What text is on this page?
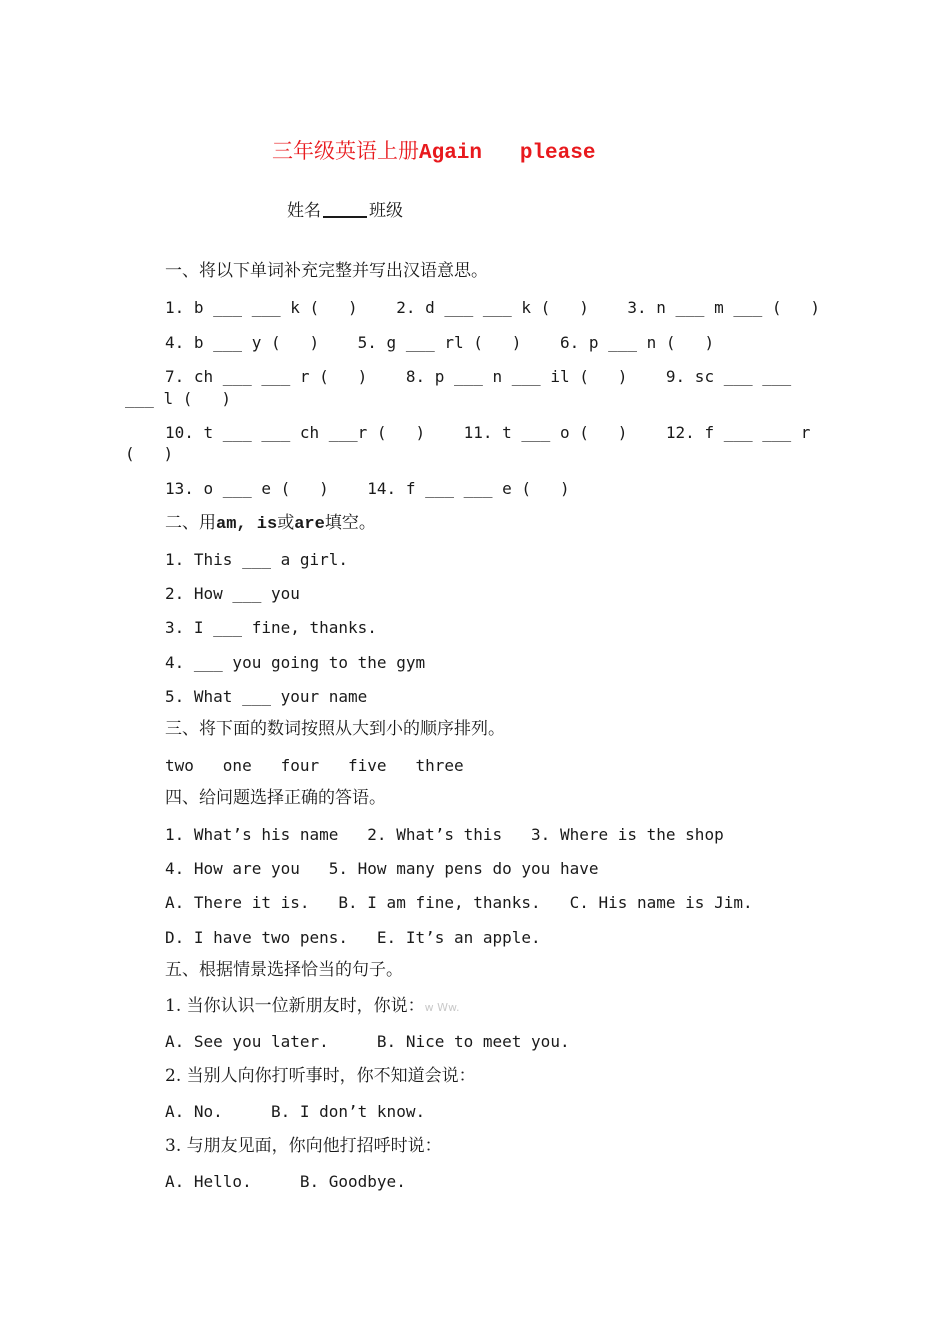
三年级英语上册Again   please
姓名	班级
一、将以下单词补充完整并写出汉语意思。
1. b ___ ___ k (   )    2. d ___ ___ k (   )    3. n ___ m ___ (   )
4. b ___ y (   )    5. g ___ rl (   )    6. p ___ n (   )
7. ch ___ ___ r (   )    8. p ___ n ___ il (   )    9. sc ___ ___
___ l (   )
10. t ___ ___ ch ___r (   )    11. t ___ o (   )    12. f ___ ___ r
(   )
13. o ___ e (   )    14. f ___ ___ e (   )
二、用am, is或are填空。
1. This ___ a girl.
2. How ___ you
3. I ___ fine, thanks.
4. ___ you going to the gym
5. What ___ your name
三、将下面的数词按照从大到小的顺序排列。
two   one   four   five   three
四、给问题选择正确的答语。
1. What’s his name   2. What’s this   3. Where is the shop
4. How are you   5. How many pens do you have
A. There it is.   B. I am fine, thanks.   C. His name is Jim.
D. I have two pens.   E. It’s an apple.
五、根据情景选择恰当的句子。
1. 当你认识一位新朋友时，你说：w Ww.
A. See you later.     B. Nice to meet you.
2. 当别人向你打听事时，你不知道会说：
A. No.     B. I don’t know.
3. 与朋友见面，你向他打招呼时说：
A. Hello.     B. Goodbye.
